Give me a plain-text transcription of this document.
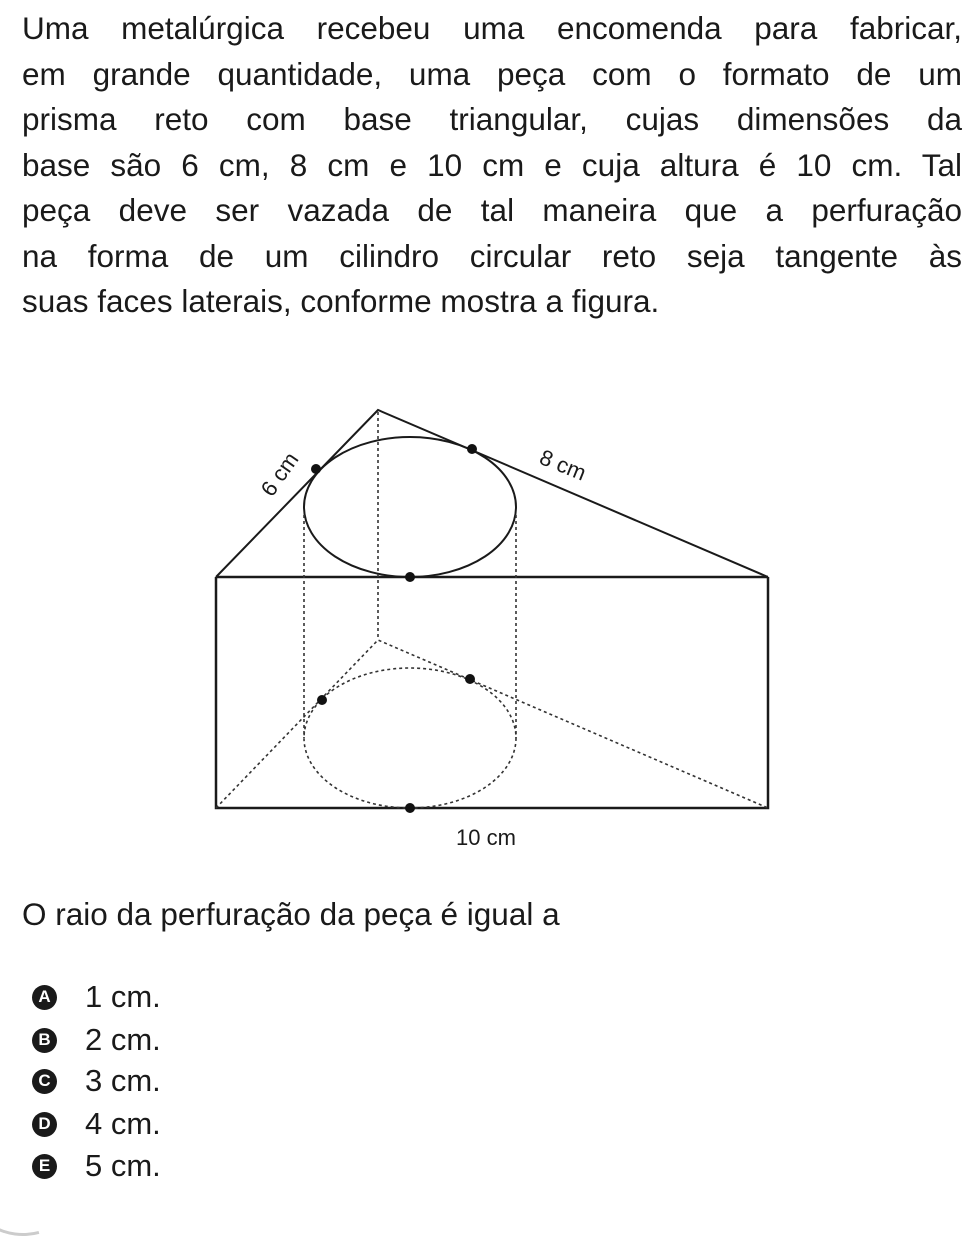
Uma metalúrgica recebeu uma encomenda para fabricar,
em grande quantidade, uma peça com o formato de um
prisma reto com base triangular, cujas dimensões da
base são 6 cm, 8 cm e 10 cm e cuja altura é 10 cm. Tal
peça deve ser vazada de tal maneira que a perfuração
na forma de um cilindro circular reto seja tangente às
suas faces laterais, conforme mostra a figura.
6 cm	8 cm
10 cm
O raio da perfuração da peça é igual a
A 1 cm.
B 2 cm.
C 3 cm.
D 4 cm.
E 5 cm.
